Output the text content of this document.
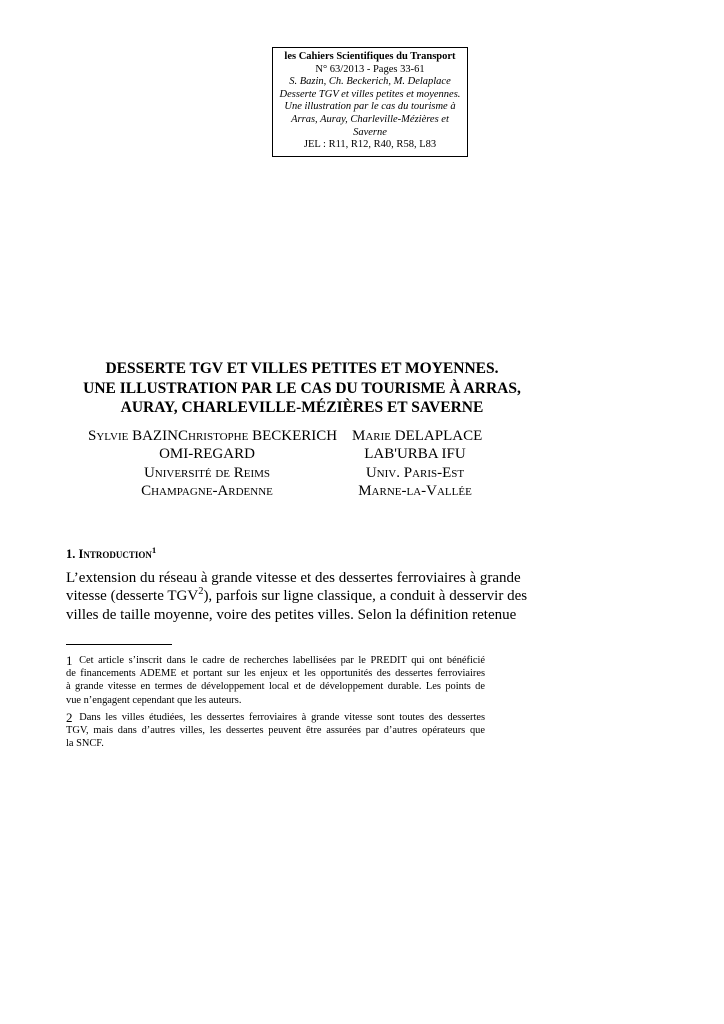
les Cahiers Scientifiques du Transport
N° 63/2013 - Pages 33-61
S. Bazin, Ch. Beckerich, M. Delaplace
Desserte TGV et villes petites et moyennes.
Une illustration par le cas du tourisme à
Arras, Auray, Charleville-Mézières et
Saverne
JEL : R11, R12, R40, R58, L83
DESSERTE TGV ET VILLES PETITES ET MOYENNES.
UNE ILLUSTRATION PAR LE CAS DU TOURISME À ARRAS,
AURAY, CHARLEVILLE-MÉZIÈRES ET SAVERNE
Sylvie BAZIN Christophe BECKERICH Marie DELAPLACE
OMI-REGARD
Université de Reims
Champagne-Ardenne
LAB'URBA IFU
Univ. Paris-Est
Marne-la-Vallée
1. Introduction$^1$
L’extension du réseau à grande vitesse et des dessertes ferroviaires à grande
vitesse (desserte TGV$^2$), parfois sur ligne classique, a conduit à desservir des
villes de taille moyenne, voire des petites villes. Selon la définition retenue
1 Cet article s’inscrit dans le cadre de recherches labellisées par le PREDIT qui ont bénéficié
de financements ADEME et portant sur les enjeux et les opportunités des dessertes ferroviaires
à grande vitesse en termes de développement local et de développement durable. Les points de
vue n’engagent cependant que les auteurs.
2 Dans les villes étudiées, les dessertes ferroviaires à grande vitesse sont toutes des dessertes
TGV, mais dans d’autres villes, les dessertes peuvent être assurées par d’autres opérateurs que
la SNCF.
